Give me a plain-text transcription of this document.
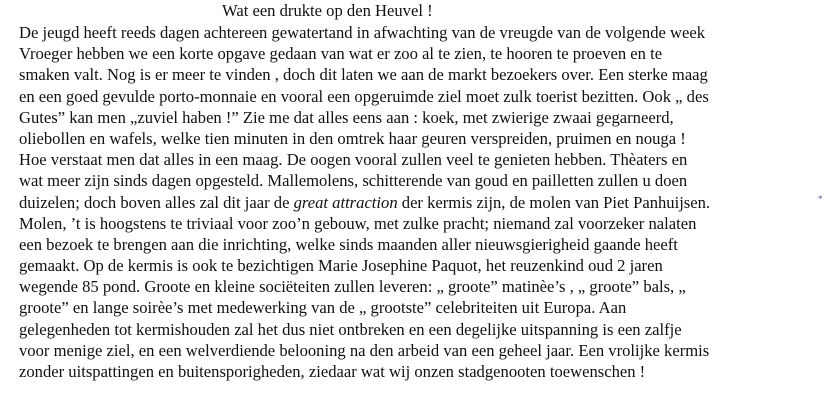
Wat een drukte op den Heuvel !
De jeugd heeft reeds dagen achtereen gewatertand in afwachting van de vreugde van de volgende week
Vroeger hebben we een korte opgave gedaan van wat er zoo al te zien, te hooren te proeven en te
smaken valt. Nog is er meer te vinden , doch dit laten we aan de markt bezoekers over. Een sterke maag
en een goed gevulde porto-monnaie en vooral een opgeruimde ziel moet zulk toerist bezitten. Ook „ des
Gutes” kan men „zuviel haben !” Zie me dat alles eens aan : koek, met zwierige zwaai gegarneerd,
oliebollen en wafels, welke tien minuten in den omtrek haar geuren verspreiden, pruimen en nouga !
Hoe verstaat men dat alles in een maag. De oogen vooral zullen veel te genieten hebben. Thèaters en
wat meer zijn sinds dagen opgesteld. Mallemolens, schitterende van goud en pailletten zullen u doen
duizelen; doch boven alles zal dit jaar de great attraction der kermis zijn, de molen van Piet Panhuijsen.
Molen, ’t is hoogstens te triviaal voor zoo’n gebouw, met zulke pracht; niemand zal voorzeker nalaten
een bezoek te brengen aan die inrichting, welke sinds maanden aller nieuwsgierigheid gaande heeft
gemaakt. Op de kermis is ook te bezichtigen Marie Josephine Paquot, het reuzenkind oud 2 jaren
wegende 85 pond. Groote en kleine sociëteiten zullen leveren: „ groote” matinèe’s , „ groote” bals, „
groote” en lange soirèe’s met medewerking van de „ grootste” celebriteiten uit Europa. Aan
gelegenheden tot kermishouden zal het dus niet ontbreken en een degelijke uitspanning is een zalfje
voor menige ziel, en een welverdiende belooning na den arbeid van een geheel jaar. Een vrolijke kermis
zonder uitspattingen en buitensporigheden, ziedaar wat wij onzen stadgenooten toewenschen !
*
